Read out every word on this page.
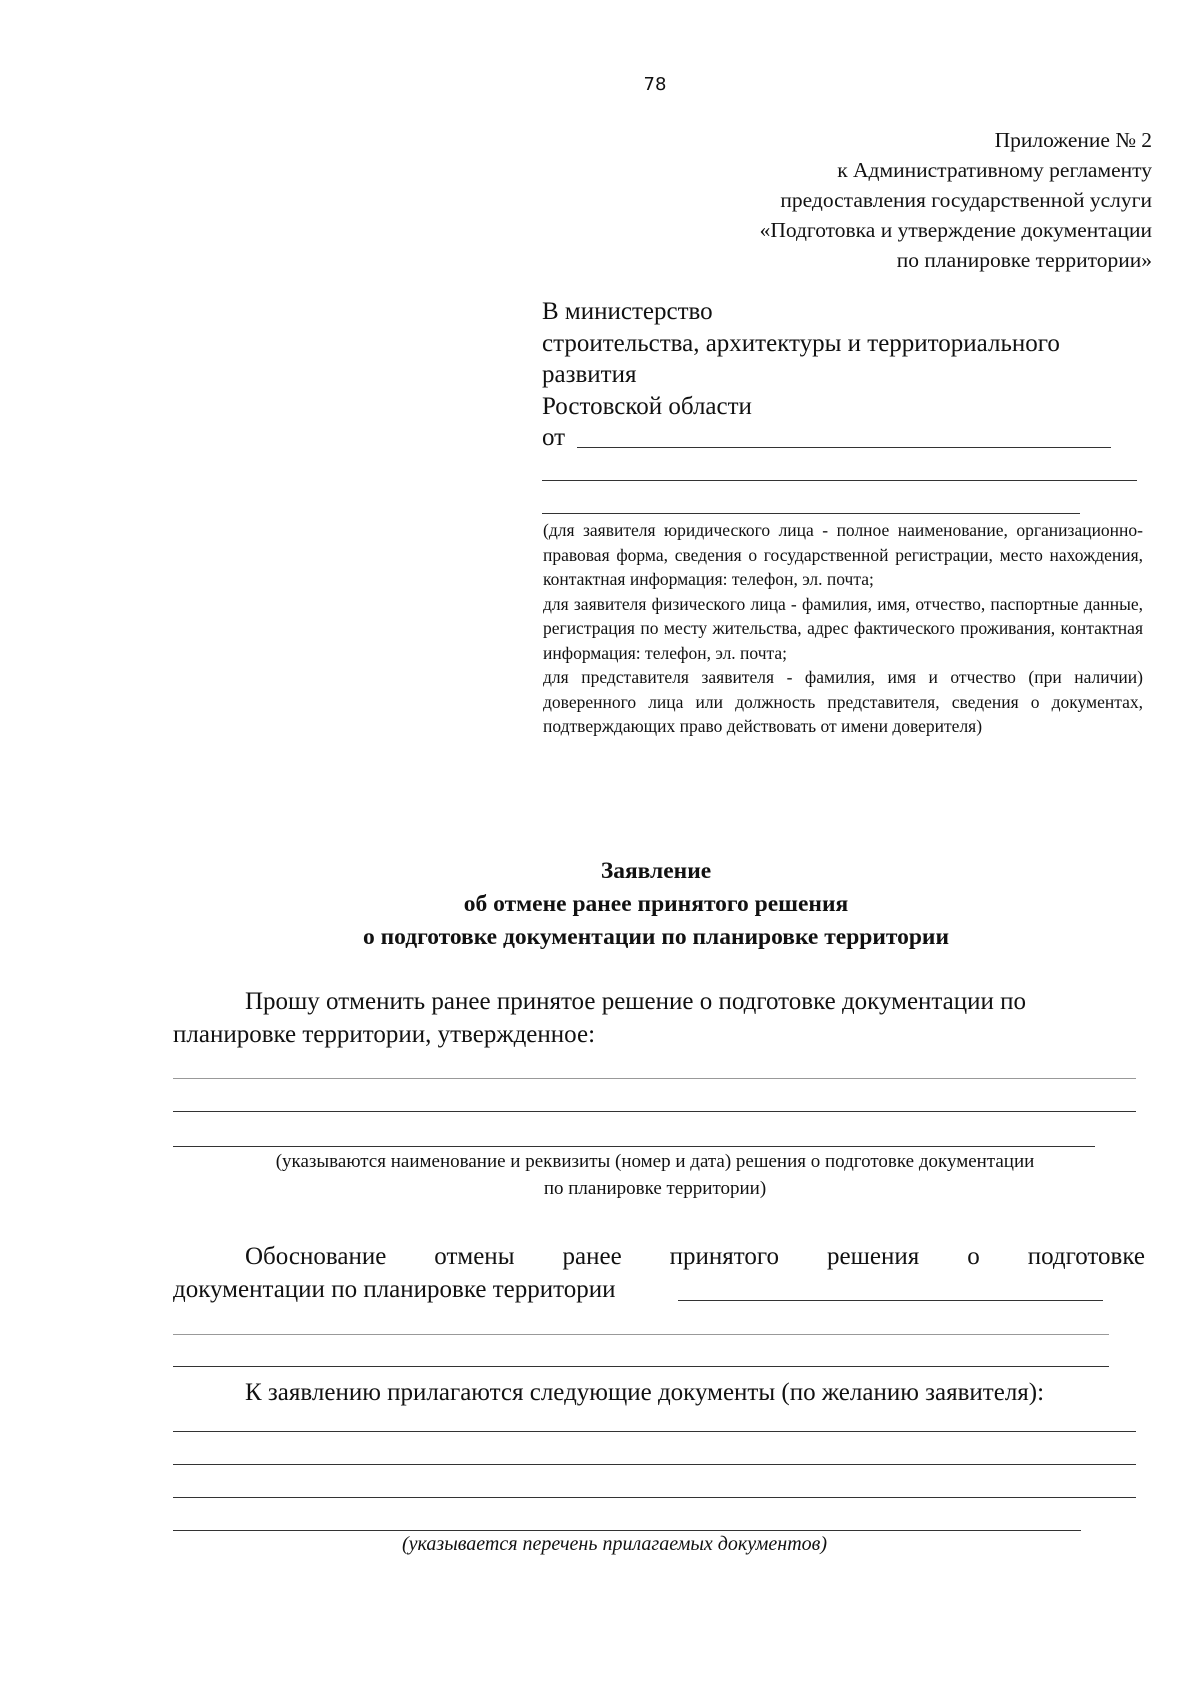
78
Приложение № 2
к Административному регламенту
предоставления государственной услуги
«Подготовка и утверждение документации
по планировке территории»
В министерство
строительства, архитектуры и территориального
развития
Ростовской области
от

(для заявителя юридического лица - полное наименование, организационно-правовая форма, сведения о государственной регистрации, место нахождения, контактная информация: телефон, эл. почта;

для заявителя физического лица - фамилия, имя, отчество, паспортные данные, регистрация по месту жительства, адрес фактического проживания, контактная информация: телефон, эл. почта;

для представителя заявителя - фамилия, имя и отчество (при наличии) доверенного лица или должность представителя, сведения о документах, подтверждающих право действовать от имени доверителя)

Заявление
об отмене ранее принятого решения
о подготовке документации по планировке территории
Прошу отменить ранее принятое решение о подготовке документации по
планировке территории, утвержденное:
(указываются наименование и реквизиты (номер и дата) решения о подготовке документации
по планировке территории)
Обоснование отмены ранее принятого решения о подготовке
документации по планировке территории
К заявлению прилагаются следующие документы (по желанию заявителя):
(указывается перечень прилагаемых документов)
